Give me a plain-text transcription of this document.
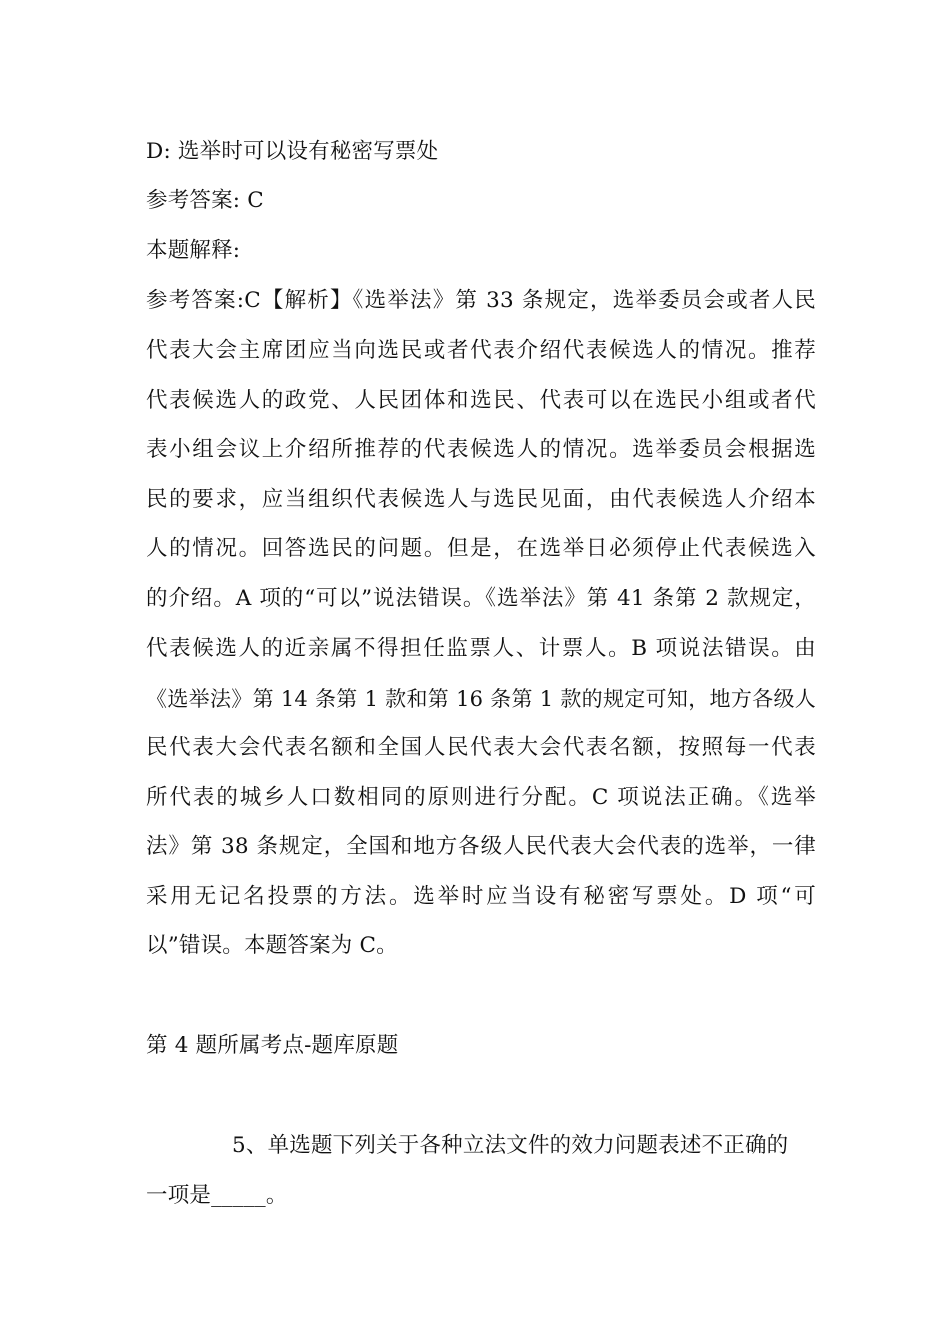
D: 选举时可以设有秘密写票处
参考答案: C
本题解释:
参考答案:C【解析】《选举法》第 33 条规定，选举委员会或者人民
代表大会主席团应当向选民或者代表介绍代表候选人的情况。推荐
代表候选人的政党、人民团体和选民、代表可以在选民小组或者代
表小组会议上介绍所推荐的代表候选人的情况。选举委员会根据选
民的要求，应当组织代表候选人与选民见面，由代表候选人介绍本
人的情况。回答选民的问题。但是，在选举日必须停止代表候选入
的介绍。A 项的“可以”说法错误。《选举法》第 41 条第 2 款规定，
代表候选人的近亲属不得担任监票人、计票人。B 项说法错误。由
《选举法》第 14 条第 1 款和第 16 条第 1 款的规定可知，地方各级人
民代表大会代表名额和全国人民代表大会代表名额，按照每一代表
所代表的城乡人口数相同的原则进行分配。C 项说法正确。《选举
法》第 38 条规定，全国和地方各级人民代表大会代表的选举，一律
采用无记名投票的方法。选举时应当设有秘密写票处。D 项“可
以”错误。本题答案为 C。
第 4 题所属考点-题库原题
5、单选题下列关于各种立法文件的效力问题表述不正确的
一项是_____。
